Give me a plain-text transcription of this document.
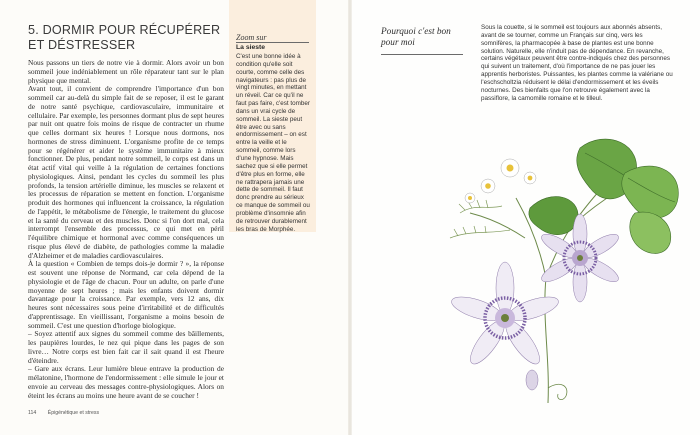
5. DORMIR POUR RÉCUPÉRER
ET DÉSTRESSER

Nous passons un tiers de notre vie à dormir. Alors avoir un bon sommeil joue indéniablement un rôle réparateur tant sur le plan physique que mental.

Avant tout, il convient de comprendre l'importance d'un bon sommeil car au-delà du simple fait de se reposer, il est le garant de notre santé psychique, cardiovasculaire, immunitaire et cellulaire. Par exemple, les personnes dormant plus de sept heures par nuit ont quatre fois moins de risque de contracter un rhume que celles dormant six heures ! Lorsque nous dormons, nos hormones de stress diminuent. L'organisme profite de ce temps pour se régénérer et aider le système immunitaire à mieux fonctionner. De plus, pendant notre sommeil, le corps est dans un état actif vital qui veille à la régulation de certaines fonctions physiologiques. Ainsi, pendant les cycles du sommeil les plus profonds, la tension artérielle diminue, les muscles se relaxent et les processus de réparation se mettent en fonction. L'organisme produit des hormones qui influencent la croissance, la régulation de l'appétit, le métabolisme de l'énergie, le traitement du glucose et la santé du cerveau et des muscles. Donc si l'on dort mal, cela interrompt l'ensemble des processus, ce qui met en péril l'équilibre chimique et hormonal avec comme conséquences un risque plus élevé de diabète, de pathologies comme la maladie d'Alzheimer et de maladies cardiovasculaires.

À la question « Combien de temps dois-je dormir ? », la réponse est souvent une réponse de Normand, car cela dépend de la physiologie et de l'âge de chacun. Pour un adulte, on parle d'une moyenne de sept heures ; mais les enfants doivent dormir davantage pour la croissance. Par exemple, vers 12 ans, dix heures sont nécessaires sous peine d'irritabilité et de difficultés d'apprentissage. En vieillissant, l'organisme a moins besoin de sommeil. C'est une question d'horloge biologique.

– Soyez attentif aux signes du sommeil comme des bâillements, les paupières lourdes, le nez qui pique dans les pages de son livre… Notre corps est bien fait car il sait quand il est l'heure d'éteindre.

– Gare aux écrans. Leur lumière bleue entrave la production de mélatonine, l'hormone de l'endormissement : elle simule le jour et envoie au cerveau des messages contre-physiologiques. Alors on éteint les écrans au moins une heure avant de se coucher !

Zoom sur
La sieste
C'est une bonne idée à condition qu'elle soit courte, comme celle des navigateurs : pas plus de vingt minutes, en mettant un réveil. Car ce qu'il ne faut pas faire, c'est tomber dans un vrai cycle de sommeil. La sieste peut être avec ou sans endormissement – on est entre la veille et le sommeil, comme lors d'une hypnose. Mais sachez que si elle permet d'être plus en forme, elle ne rattrapera jamais une dette de sommeil. Il faut donc prendre au sérieux ce manque de sommeil ou problème d'insomnie afin de retrouver durablement les bras de Morphée.
114 Épigénétique et stress
Pourquoi c'est bon pour moi
Sous la couette, si le sommeil est toujours aux abonnés absents, avant de se tourner, comme un Français sur cinq, vers les somnifères, la pharmacopée à base de plantes est une bonne solution. Naturelle, elle n'induit pas de dépendance. En revanche, certains végétaux peuvent être contre-indiqués chez des personnes qui suivent un traitement, d'où l'importance de ne pas jouer les apprentis herboristes. Puissantes, les plantes comme la valériane ou l'eschscholtzia réduisent le délai d'endormissement et les éveils nocturnes. Des bienfaits que l'on retrouve également avec la passiflore, la camomille romaine et le tilleul.
